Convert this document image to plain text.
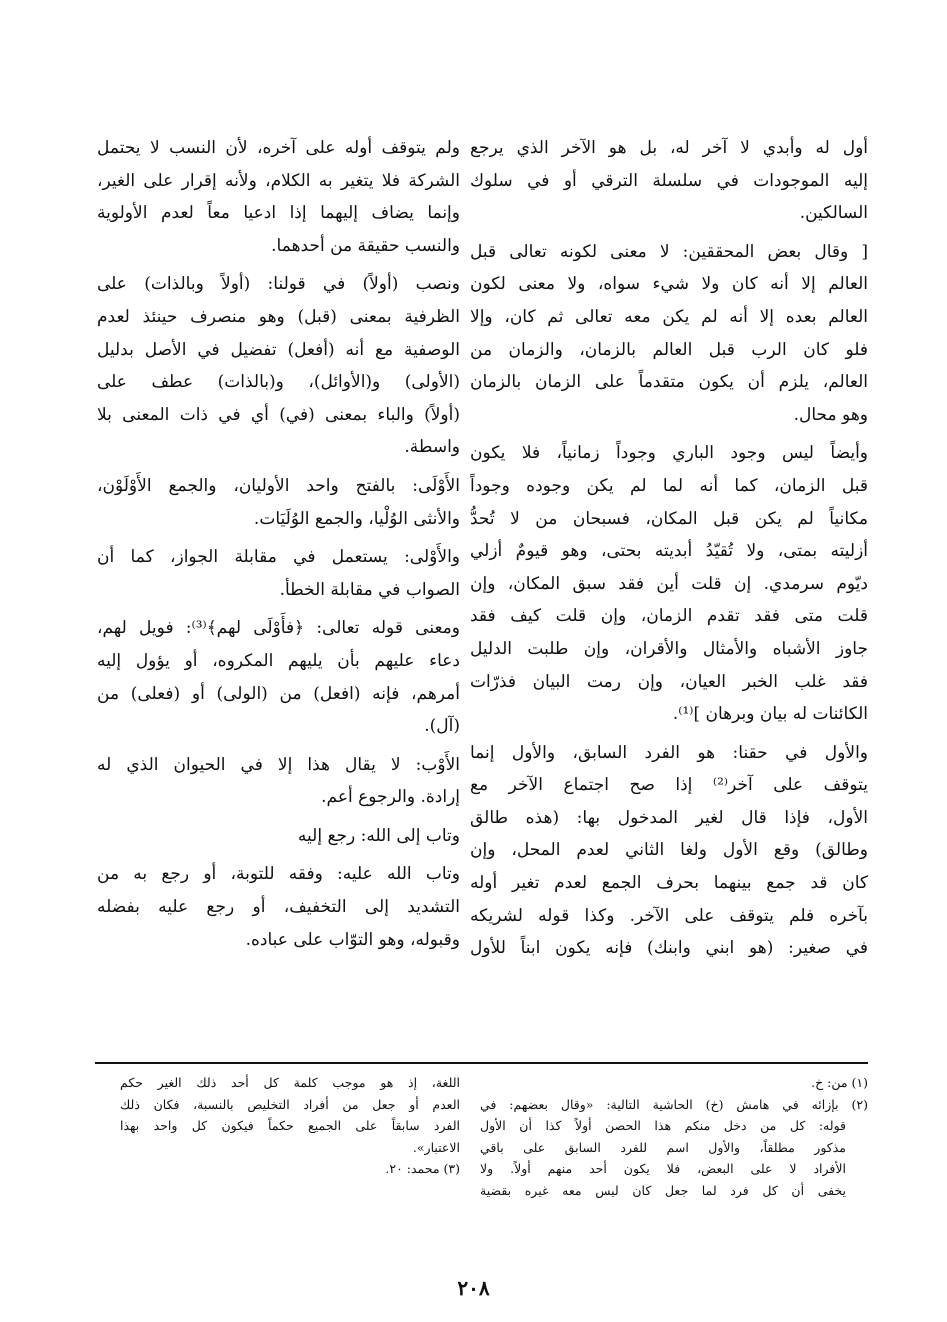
أول له وأبدي لا آخر له، بل هو الآخر الذي يرجع
إليه الموجودات في سلسلة الترقي أو في سلوك
السالكين.
[ وقال بعض المحققين: لا معنى لكونه تعالى قبل
العالم إلا أنه كان ولا شيء سواه، ولا معنى لكون
العالم بعده إلا أنه لم يكن معه تعالى ثم كان، وإلا
فلو كان الرب قبل العالم بالزمان، والزمان من
العالم، يلزم أن يكون متقدماً على الزمان بالزمان
وهو محال.
وأيضاً ليس وجود الباري وجوداً زمانياً، فلا يكون
قبل الزمان، كما أنه لما لم يكن وجوده وجوداً
مكانياً لم يكن قبل المكان، فسبحان من لا تُحدُّ
أزليته بمتى، ولا تُقيّدُ أبديته بحتى، وهو قيومٌ أزلي
ديّوم سرمدي. إن قلت أين فقد سبق المكان، وإن
قلت متى فقد تقدم الزمان، وإن قلت كيف فقد
جاوز الأشباه والأمثال والأقران، وإن طلبت الدليل
فقد غلب الخبر العيان، وإن رمت البيان فذرّات
الكائنات له بيان وبرهان ]⁽¹⁾.
والأول في حقنا: هو الفرد السابق، والأول إنما
يتوقف على آخر⁽²⁾ إذا صح اجتماع الآخر مع
الأول، فإذا قال لغير المدخول بها: (هذه طالق
وطالق) وقع الأول ولغا الثاني لعدم المحل، وإن
كان قد جمع بينهما بحرف الجمع لعدم تغير أوله
بآخره فلم يتوقف على الآخر. وكذا قوله لشريكه
في صغير: (هو ابني وابنك) فإنه يكون ابناً للأول
ولم يتوقف أوله على آخره، لأن النسب لا يحتمل
الشركة فلا يتغير به الكلام، ولأنه إقرار على الغير،
وإنما يضاف إليهما إذا ادعيا معاً لعدم الأولوية
والنسب حقيقة من أحدهما.
ونصب (أولاً) في قولنا: (أولاً وبالذات) على
الظرفية بمعنى (قبل) وهو منصرف حينئذ لعدم
الوصفية مع أنه (أفعل) تفضيل في الأصل بدليل
(الأولى) و(الأوائل)، و(بالذات) عطف على
(أولاً) والباء بمعنى (في) أي في ذات المعنى بلا
واسطة.
الأَوْلَى: بالفتح واحد الأوليان، والجمع الأَوْلَوْن،
والأنثى الوُلْيا، والجمع الوُلَيَات.
والأَوْلى: يستعمل في مقابلة الجواز، كما أن
الصواب في مقابلة الخطأ.
ومعنى قوله تعالى: ﴿فأَوْلَى لهم﴾⁽³⁾: فويل لهم،
دعاء عليهم بأن يليهم المكروه، أو يؤول إليه
أمرهم، فإنه (افعل) من (الولى) أو (فعلى) من
(آل).
الأَوْب: لا يقال هذا إلا في الحيوان الذي له
إرادة. والرجوع أعم.
وتاب إلى الله: رجع إليه
وتاب الله عليه: وفقه للتوبة، أو رجع به من
التشديد إلى التخفيف، أو رجع عليه بفضله
وقبوله، وهو التوّاب على عباده.
(١) من: خ.
(٢) بإزائه في هامش (خ) الحاشية التالية: «وقال بعضهم: في
قوله: كل من دخل منكم هذا الحصن أولاً كذا أن الأول
مذكور مطلقاً، والأول اسم للفرد السابق على باقي
الأفراد لا على البعض، فلا يكون أحد منهم أولاً. ولا
يخفى أن كل فرد لما جعل كان ليس معه غيره بقضية
اللغة، إذ هو موجب كلمة كل أحد ذلك الغير حكم
العدم أو جعل من أفراد التخليص بالنسبة، فكان ذلك
الفرد سابقاً على الجميع حكماً فيكون كل واحد بهذا
الاعتبار».
(٣) محمد: ٢٠.
٢٠٨
